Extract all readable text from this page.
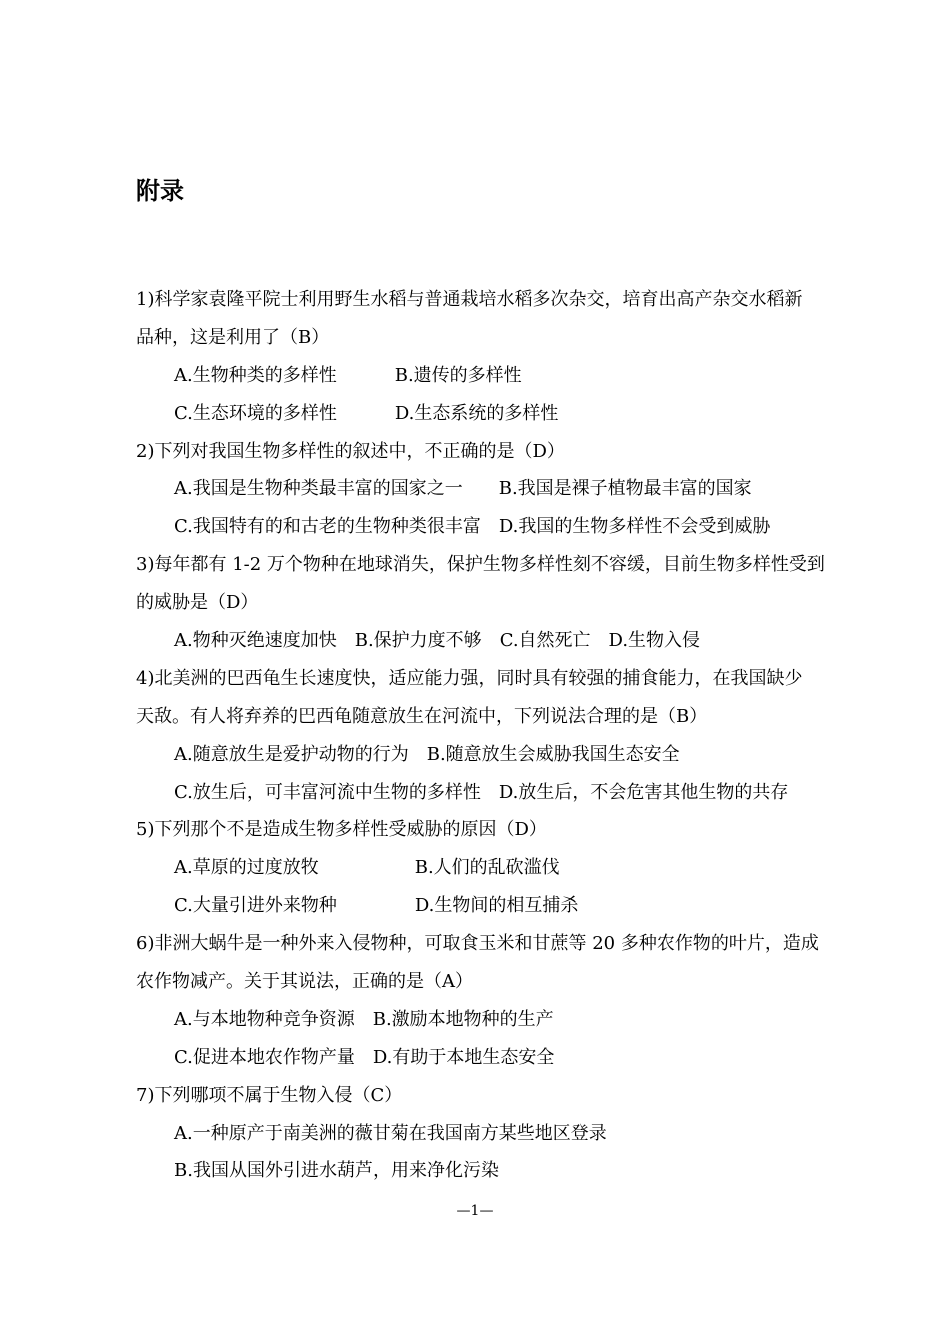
附录
1)科学家袁隆平院士利用野生水稻与普通栽培水稻多次杂交，培育出高产杂交水稻新
品种，这是利用了（B）
A.生物种类的多样性	B.遗传的多样性
C.生态环境的多样性	D.生态系统的多样性
2)下列对我国生物多样性的叙述中，不正确的是（D）
A.我国是生物种类最丰富的国家之一 B.我国是裸子植物最丰富的国家
C.我国特有的和古老的生物种类很丰富 D.我国的生物多样性不会受到威胁
3)每年都有 1-2 万个物种在地球消失，保护生物多样性刻不容缓，目前生物多样性受到
的威胁是（D）
A.物种灭绝速度加快 B.保护力度不够 C.自然死亡 D.生物入侵
4)北美洲的巴西龟生长速度快，适应能力强，同时具有较强的捕食能力，在我国缺少
天敌。有人将弃养的巴西龟随意放生在河流中，下列说法合理的是（B）
A.随意放生是爱护动物的行为 B.随意放生会威胁我国生态安全
C.放生后，可丰富河流中生物的多样性 D.放生后，不会危害其他生物的共存
5)下列那个不是造成生物多样性受威胁的原因（D）
A.草原的过度放牧	B.人们的乱砍滥伐
C.大量引进外来物种	D.生物间的相互捕杀
6)非洲大蜗牛是一种外来入侵物种，可取食玉米和甘蔗等 20 多种农作物的叶片，造成
农作物减产。关于其说法，正确的是（A）
A.与本地物种竞争资源 B.激励本地物种的生产
C.促进本地农作物产量 D.有助于本地生态安全
7)下列哪项不属于生物入侵（C）
A.一种原产于南美洲的薇甘菊在我国南方某些地区登录
B.我国从国外引进水葫芦，用来净化污染
—1—
